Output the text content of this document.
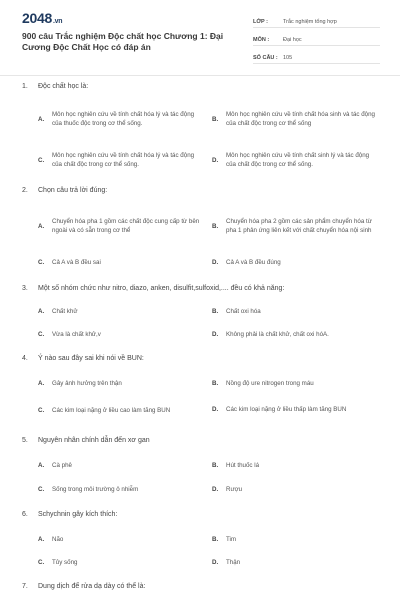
2048.vn
900 câu Trắc nghiệm Độc chất học Chương 1: Đại Cương Độc Chất Học có đáp án
LỚP :	Trắc nghiệm tổng hợp
MÔN :	Đại học
SỐ CÂU : 105
1. Độc chất học là:
A.
Môn học nghiên cứu về tính chất hóa lý và tác động của thuốc độc trong cơ thể sống.
B.
Môn học nghiên cứu về tính chất hóa sinh và tác động của chất độc trong cơ thể sống
C.
Môn học nghiên cứu về tính chất hóa lý và tác động của chất độc trong cơ thể sống.
D.
Môn học nghiên cứu về tính chất sinh lý và tác động của chất độc trong cơ thể sống.
2. Chọn câu trả lời đúng:
A.
Chuyển hóa pha 1 gồm các chất độc cung cấp từ bên ngoài và có sẵn trong cơ thể
B.
Chuyển hóa pha 2 gồm các sản phẩm chuyển hóa từ pha 1 phản ứng liên kết với chất chuyển hóa nội sinh
C.	Cả A và B đều sai	D.	Cả A và B đều đúng
3. Một số nhóm chức như nitro, diazo, anken, disulfit,sulfoxid,.... đều có khả năng:
A.	Chất khử	B.	Chất oxi hóa
C.	Vừa là chất khử,v	D.	Không phải là chất khử, chất oxi hóA.
4. Ý nào sau đây sai khi nói về BUN:
A.	Gây ảnh hưởng trên thận	B.	Nồng độ ure nitrogen trong máu
C.	Các kim loại nặng ở liều cao làm tăng BUN	D.	Các kim loại nặng ở liều thấp làm tăng BUN
5. Nguyên nhân chính dẫn đến xơ gan
A.	Cà phê	B.	Hút thuốc lá
C.	Sống trong môi trường ô nhiễm	D.	Rượu
6. Schychnin gây kích thích:
A.	Não	B.	Tim
C.	Tủy sống	D.	Thận
7. Dung dịch để rửa dạ dày có thể là:
